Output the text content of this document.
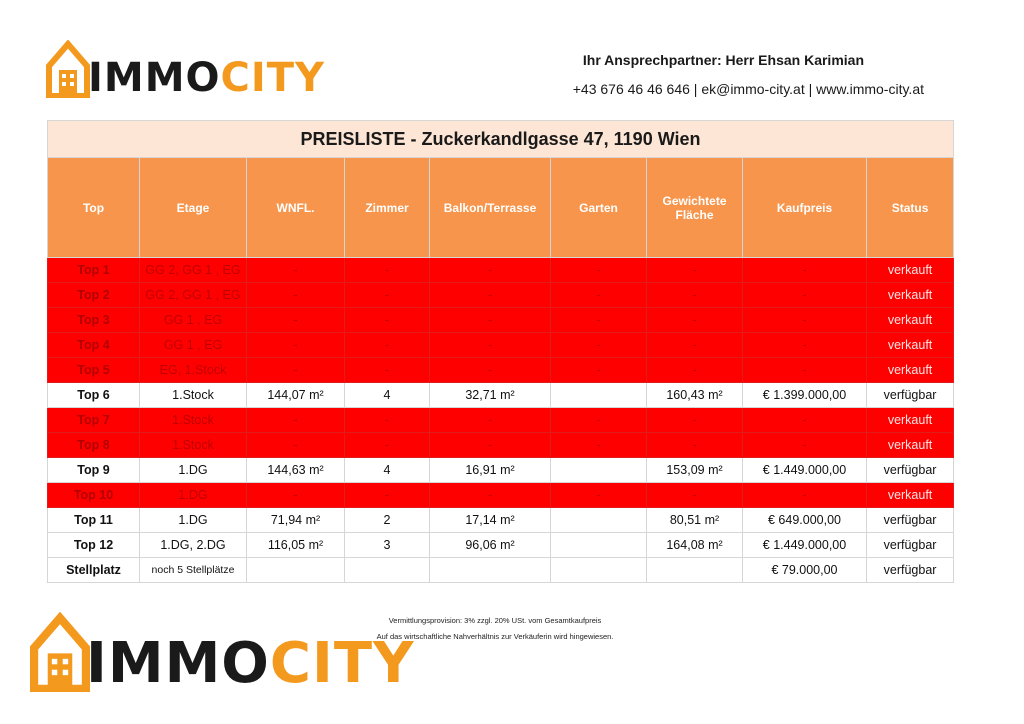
IMMOCITY	Ihr Ansprechpartner: Herr Ehsan Karimian
+43 676 46 46 646 | ek@immo-city.at | www.immo-city.at
PREISLISTE - Zuckerkandlgasse 47, 1190 Wien								
Top	Etage	WNFL.	Zimmer	Balkon/Terrasse	Garten	Gewichtete Fläche	Kaufpreis	Status
Top 1	GG 2, GG 1 , EG	-	-	-	-	-	-	verkauft
Top 2	GG 2, GG 1 , EG	-	-	-	-	-	-	verkauft
Top 3	GG 1 , EG	-	-	-	-	-	-	verkauft
Top 4	GG 1 , EG	-	-	-	-	-	-	verkauft
Top 5	EG, 1.Stock	-	-	-	-	-	-	verkauft
Top 6	1.Stock	144,07 m²	4	32,71 m²		160,43 m²	€ 1.399.000,00	verfügbar
Top 7	1.Stock	-	-	-	-	-	-	verkauft
Top 8	1.Stock	-	-	-	-	-	-	verkauft
Top 9	1.DG	144,63 m²	4	16,91 m²		153,09 m²	€ 1.449.000,00	verfügbar
Top 10	1.DG	-	-	-	-	-	-	verkauft
Top 11	1.DG	71,94 m²	2	17,14 m²		80,51 m²	€ 649.000,00	verfügbar
Top 12	1.DG, 2.DG	116,05 m²	3	96,06 m²		164,08 m²	€ 1.449.000,00	verfügbar
Stellplatz	noch 5 Stellplätze						€ 79.000,00	verfügbar
Vermittlungsprovision: 3% zzgl. 20% USt. vom Gesamtkaufpreis
Auf das wirtschaftliche Nahverhältnis zur Verkäuferin wird hingewiesen.
IMMOCITY
